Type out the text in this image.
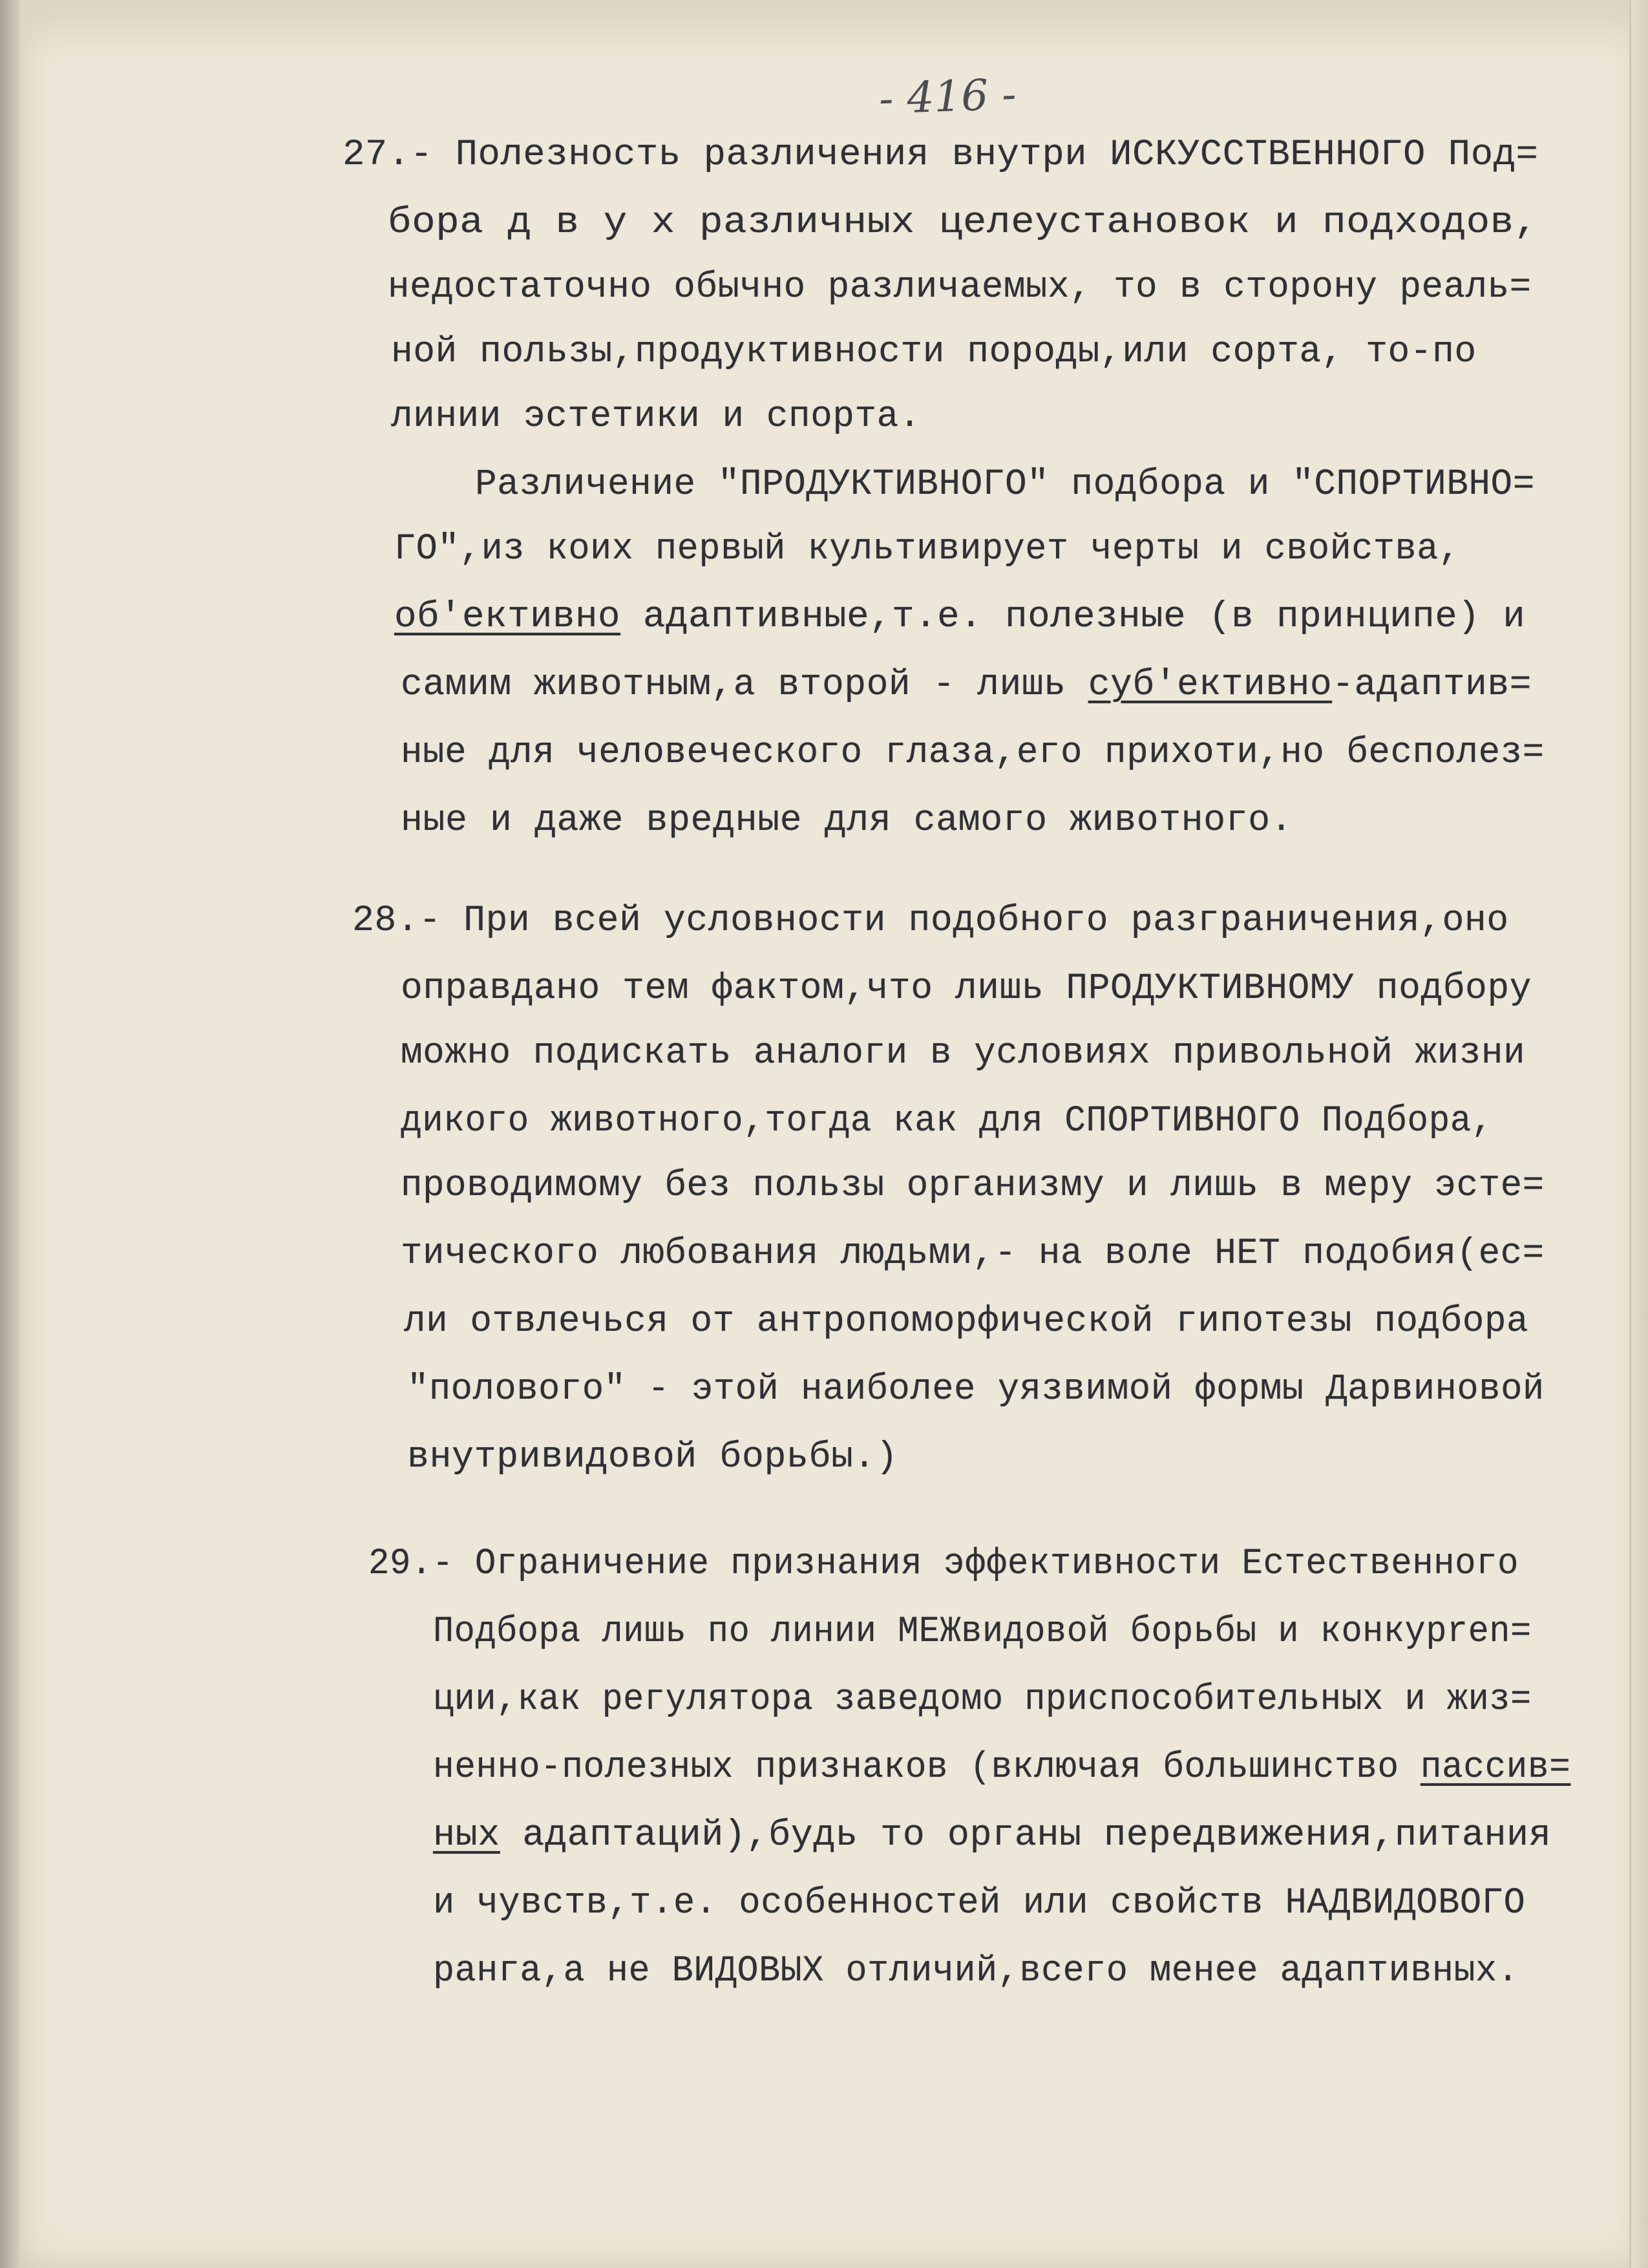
- 416 -
27.- Полезность различения внутри ИСКУССТВЕННОГО Под=
бора д в у х различных целеустановок и подходов,
недостаточно обычно различаемых, то в сторону реаль=
ной пользы,продуктивности породы,или сорта, то-по
линии эстетики и спорта.
Различение "ПРОДУКТИВНОГО" подбора и "СПОРТИВНО=
ГО",из коих первый культивирует черты и свойства,
об'ективно адаптивные,т.е. полезные (в принципе) и
самим животным,а второй - лишь суб'ективно-адаптив=
ные для человеческого глаза,его прихоти,но бесполез=
ные и даже вредные для самого животного.
28.- При всей условности подобного разграничения,оно
оправдано тем фактом,что лишь ПРОДУКТИВНОМУ подбору
можно подискать аналоги в условиях привольной жизни
дикого животного,тогда как для СПОРТИВНОГО Подбора,
проводимому без пользы организму и лишь в меру эсте=
тического любования людьми,- на воле НЕТ подобия(ес=
ли отвлечься от антропоморфической гипотезы подбора
"полового" - этой наиболее уязвимой формы Дарвиновой
внутривидовой борьбы.)
29.- Ограничение признания эффективности Естественного
Подбора лишь по линии МЕЖвидовой борьбы и конкурren=
ции,как регулятора заведомо приспособительных и жиз=
ненно-полезных признаков (включая большинство пассив=
ных адаптаций),будь то органы передвижения,питания
и чувств,т.е. особенностей или свойств НАДВИДОВОГО
ранга,а не ВИДОВЫХ отличий,всего менее адаптивных.
